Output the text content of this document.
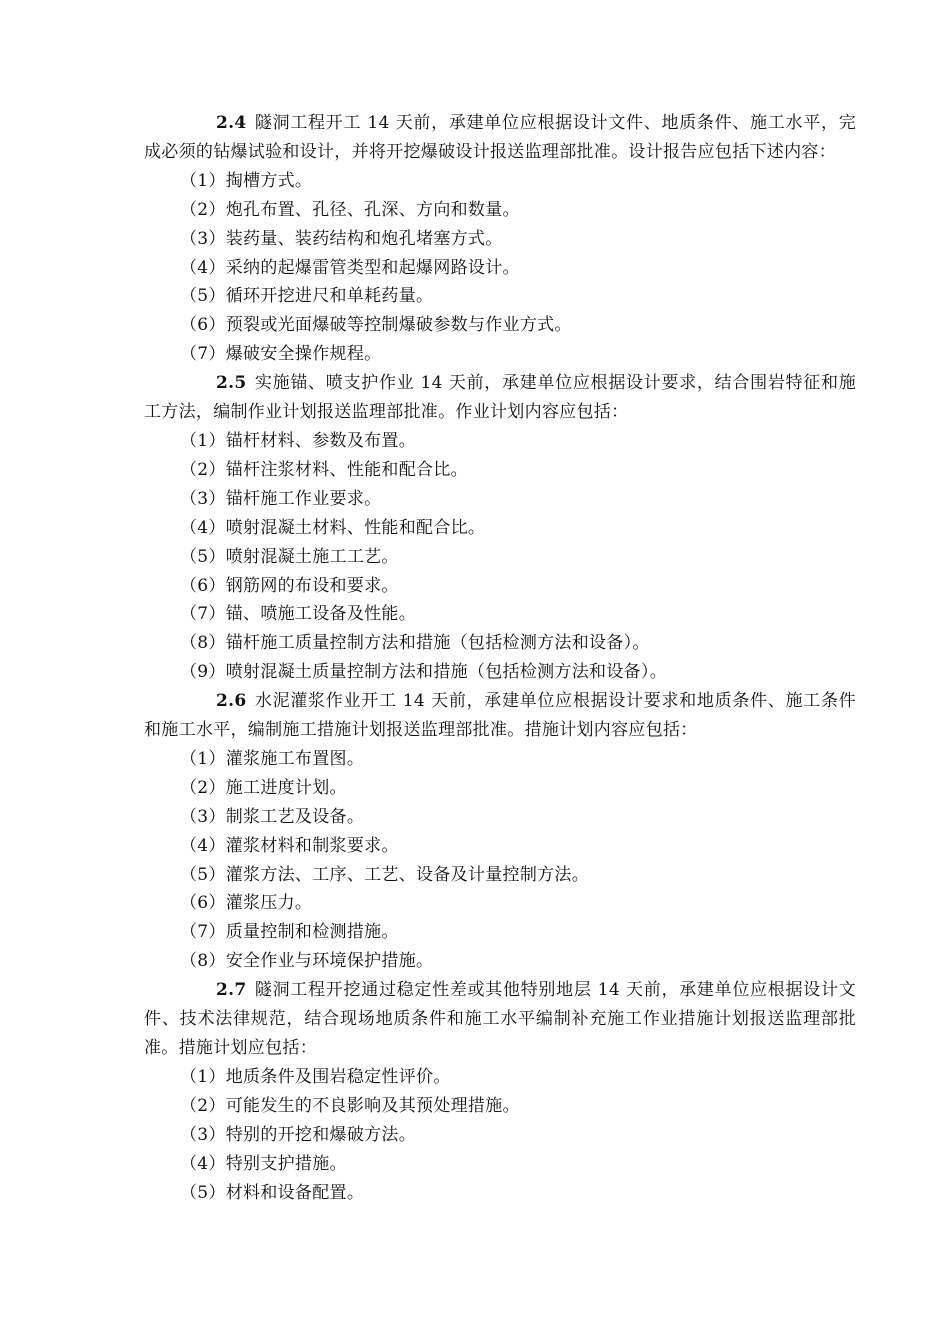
2.4 隧洞工程开工 14 天前，承建单位应根据设计文件、地质条件、施工水平，完成必须的钻爆试验和设计，并将开挖爆破设计报送监理部批准。设计报告应包括下述内容：

（1）掏槽方式。

（2）炮孔布置、孔径、孔深、方向和数量。

（3）装药量、装药结构和炮孔堵塞方式。

（4）采纳的起爆雷管类型和起爆网路设计。

（5）循环开挖进尺和单耗药量。

（6）预裂或光面爆破等控制爆破参数与作业方式。

（7）爆破安全操作规程。

2.5 实施锚、喷支护作业 14 天前，承建单位应根据设计要求，结合围岩特征和施工方法，编制作业计划报送监理部批准。作业计划内容应包括：

（1）锚杆材料、参数及布置。

（2）锚杆注浆材料、性能和配合比。

（3）锚杆施工作业要求。

（4）喷射混凝土材料、性能和配合比。

（5）喷射混凝土施工工艺。

（6）钢筋网的布设和要求。

（7）锚、喷施工设备及性能。

（8）锚杆施工质量控制方法和措施（包括检测方法和设备）。

（9）喷射混凝土质量控制方法和措施（包括检测方法和设备）。

2.6 水泥灌浆作业开工 14 天前，承建单位应根据设计要求和地质条件、施工条件和施工水平，编制施工措施计划报送监理部批准。措施计划内容应包括：

（1）灌浆施工布置图。

（2）施工进度计划。

（3）制浆工艺及设备。

（4）灌浆材料和制浆要求。

（5）灌浆方法、工序、工艺、设备及计量控制方法。

（6）灌浆压力。

（7）质量控制和检测措施。

（8）安全作业与环境保护措施。

2.7 隧洞工程开挖通过稳定性差或其他特别地层 14 天前，承建单位应根据设计文件、技术法律规范，结合现场地质条件和施工水平编制补充施工作业措施计划报送监理部批准。措施计划应包括：

（1）地质条件及围岩稳定性评价。

（2）可能发生的不良影响及其预处理措施。

（3）特别的开挖和爆破方法。

（4）特别支护措施。

（5）材料和设备配置。
